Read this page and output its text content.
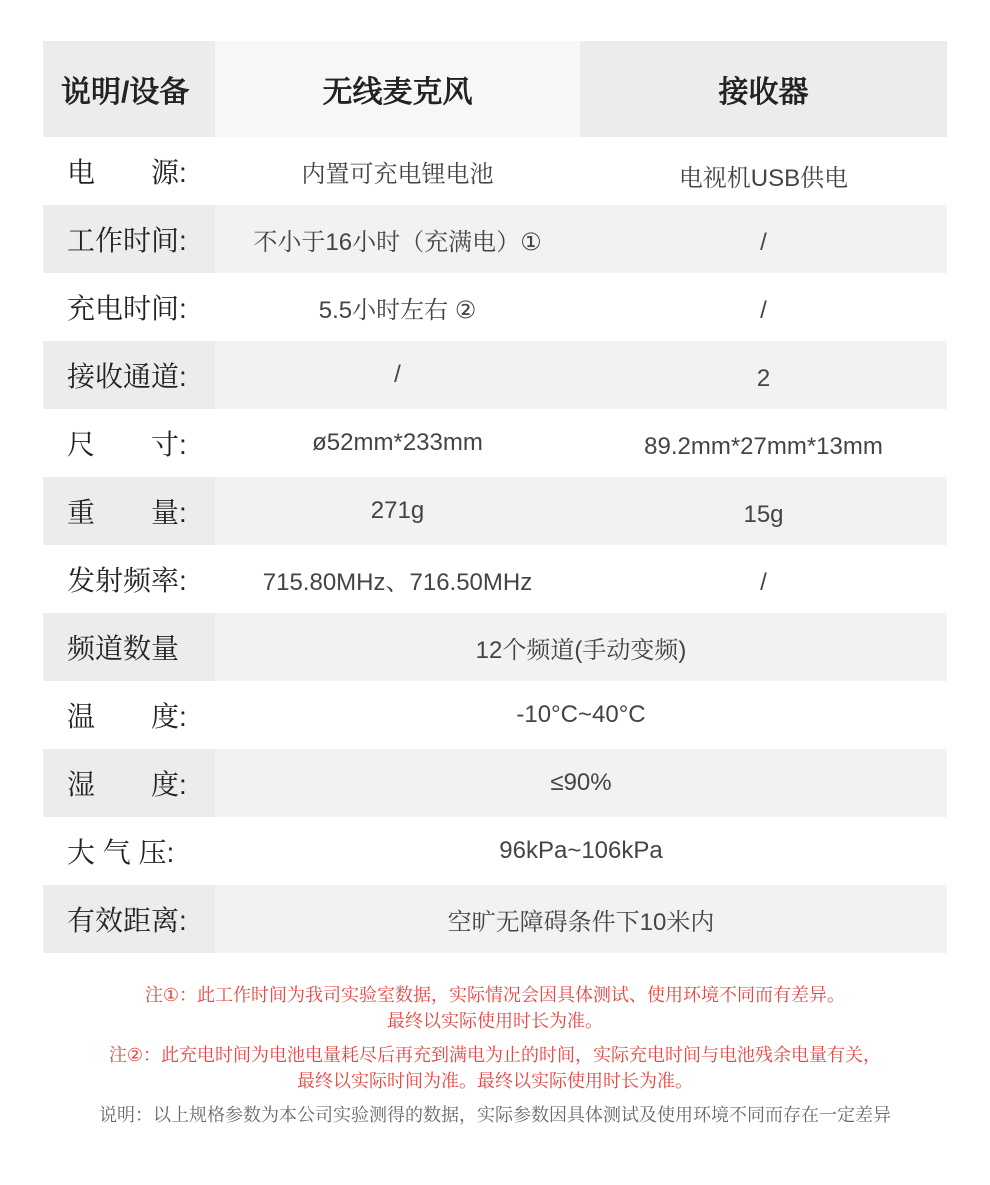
说明/设备	无线麦克风	接收器
电　　源:	内置可充电锂电池	电视机USB供电
工作时间:	不小于16小时（充满电）①	/
充电时间:	5.5小时左右 ②	/
接收通道:	/	2
尺　　寸:	ø52mm*233mm	89.2mm*27mm*13mm
重　　量:	271g	15g
发射频率:	715.80MHz、716.50MHz	/
频道数量	12个频道(手动变频)
温　　度:	-10°C~40°C
湿　　度:	≤90%
大 气 压:	96kPa~106kPa
有效距离:	空旷无障碍条件下10米内
注①：此工作时间为我司实验室数据，实际情况会因具体测试、使用环境不同而有差异。
最终以实际使用时长为准。
注②：此充电时间为电池电量耗尽后再充到满电为止的时间，实际充电时间与电池残余电量有关，
最终以实际时间为准。最终以实际使用时长为准。
说明：以上规格参数为本公司实验测得的数据，实际参数因具体测试及使用环境不同而存在一定差异
